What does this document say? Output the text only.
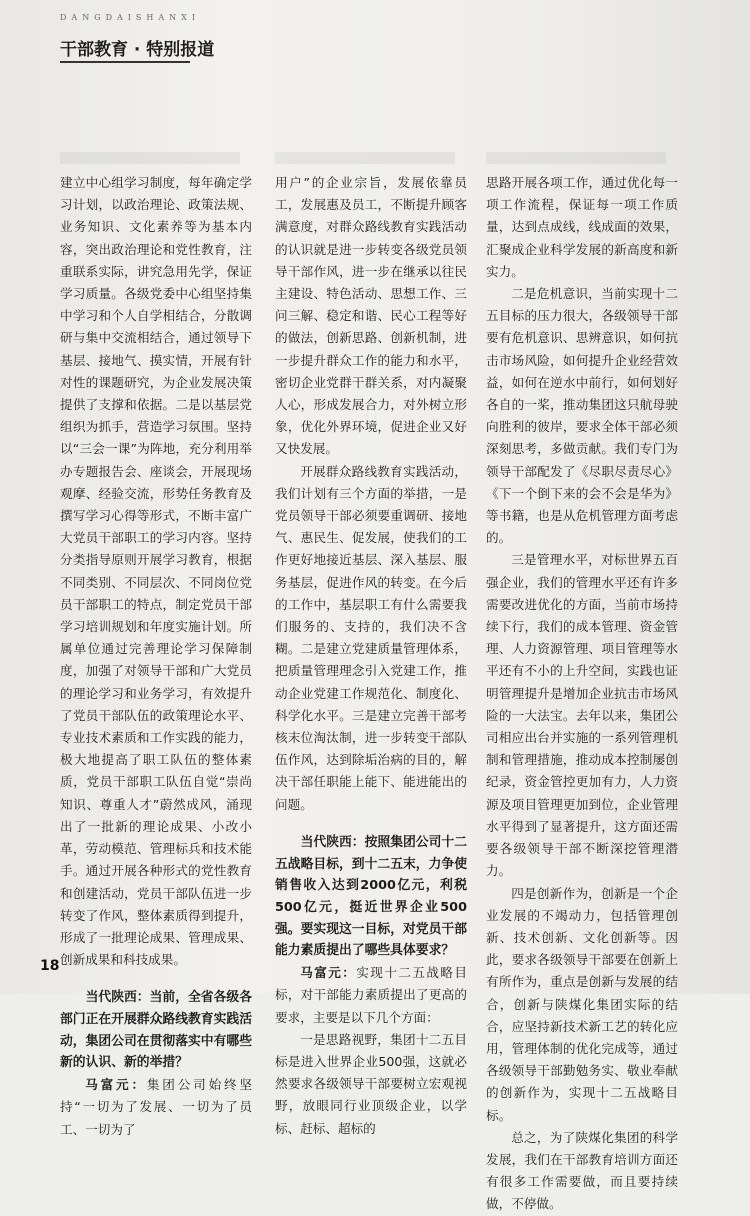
DANGDAISHANXI
干部教育 · 特别报道

建立中心组学习制度，每年确定学习计划，以政治理论、政策法规、业务知识、文化素养等为基本内容，突出政治理论和党性教育，注重联系实际，讲究急用先学，保证学习质量。各级党委中心组坚持集中学习和个人自学相结合，分散调研与集中交流相结合，通过领导下基层、接地气、摸实情，开展有针对性的课题研究，为企业发展决策提供了支撑和依据。二是以基层党组织为抓手，营造学习氛围。坚持以“三会一课”为阵地，充分利用举办专题报告会、座谈会，开展现场观摩、经验交流，形势任务教育及撰写学习心得等形式，不断丰富广大党员干部职工的学习内容。坚持分类指导原则开展学习教育，根据不同类别、不同层次、不同岗位党员干部职工的特点，制定党员干部学习培训规划和年度实施计划。所属单位通过完善理论学习保障制度，加强了对领导干部和广大党员的理论学习和业务学习，有效提升了党员干部队伍的政策理论水平、专业技术素质和工作实践的能力，极大地提高了职工队伍的整体素质，党员干部职工队伍自觉“崇尚知识、尊重人才”蔚然成风，涌现出了一批新的理论成果、小改小革，劳动模范、管理标兵和技术能手。通过开展各种形式的党性教育和创建活动，党员干部队伍进一步转变了作风，整体素质得到提升，形成了一批理论成果、管理成果、创新成果和科技成果。

当代陕西：当前，全省各级各部门正在开展群众路线教育实践活动，集团公司在贯彻落实中有哪些新的认识、新的举措？

马富元：集团公司始终坚持“一切为了发展、一切为了员工、一切为了

用户”的企业宗旨，发展依靠员工，发展惠及员工，不断提升顾客满意度，对群众路线教育实践活动的认识就是进一步转变各级党员领导干部作风，进一步在继承以往民主建设、特色活动、思想工作、三问三解、稳定和谐、民心工程等好的做法，创新思路、创新机制，进一步提升群众工作的能力和水平，密切企业党群干群关系，对内凝聚人心，形成发展合力，对外树立形象，优化外界环境，促进企业又好又快发展。

开展群众路线教育实践活动，我们计划有三个方面的举措，一是党员领导干部必须要重调研、接地气、惠民生、促发展，使我们的工作更好地接近基层、深入基层、服务基层，促进作风的转变。在今后的工作中，基层职工有什么需要我们服务的、支持的，我们决不含糊。二是建立党建质量管理体系，把质量管理理念引入党建工作，推动企业党建工作规范化、制度化、科学化水平。三是建立完善干部考核末位淘汰制，进一步转变干部队伍作风，达到除垢治病的目的，解决干部任职能上能下、能进能出的问题。

当代陕西：按照集团公司十二五战略目标，到十二五末，力争使销售收入达到2000亿元，利税500亿元，挺近世界企业500强。要实现这一目标，对党员干部能力素质提出了哪些具体要求？

马富元：实现十二五战略目标，对干部能力素质提出了更高的要求，主要是以下几个方面：

一是思路视野，集团十二五目标是进入世界企业500强，这就必然要求各级领导干部要树立宏观视野，放眼同行业顶级企业，以学标、赶标、超标的

思路开展各项工作，通过优化每一项工作流程，保证每一项工作质量，达到点成线，线成面的效果，汇聚成企业科学发展的新高度和新实力。

二是危机意识，当前实现十二五目标的压力很大，各级领导干部要有危机意识、思辨意识，如何抗击市场风险，如何提升企业经营效益，如何在逆水中前行，如何划好各自的一桨，推动集团这只航母驶向胜利的彼岸，要求全体干部必须深刻思考，多做贡献。我们专门为领导干部配发了《尽职尽责尽心》《下一个倒下来的会不会是华为》等书籍，也是从危机管理方面考虑的。

三是管理水平，对标世界五百强企业，我们的管理水平还有许多需要改进优化的方面，当前市场持续下行，我们的成本管理、资金管理、人力资源管理、项目管理等水平还有不小的上升空间，实践也证明管理提升是增加企业抗击市场风险的一大法宝。去年以来，集团公司相应出台并实施的一系列管理机制和管理措施，推动成本控制屡创纪录，资金管控更加有力，人力资源及项目管理更加到位，企业管理水平得到了显著提升，这方面还需要各级领导干部不断深挖管理潜力。

四是创新作为，创新是一个企业发展的不竭动力，包括管理创新、技术创新、文化创新等。因此，要求各级领导干部要在创新上有所作为，重点是创新与发展的结合，创新与陕煤化集团实际的结合，应坚持新技术新工艺的转化应用，管理体制的优化完成等，通过各级领导干部勤勉务实、敬业奉献的创新作为，实现十二五战略目标。

总之，为了陕煤化集团的科学发展，我们在干部教育培训方面还有很多工作需要做，而且要持续做，不停做。

18
